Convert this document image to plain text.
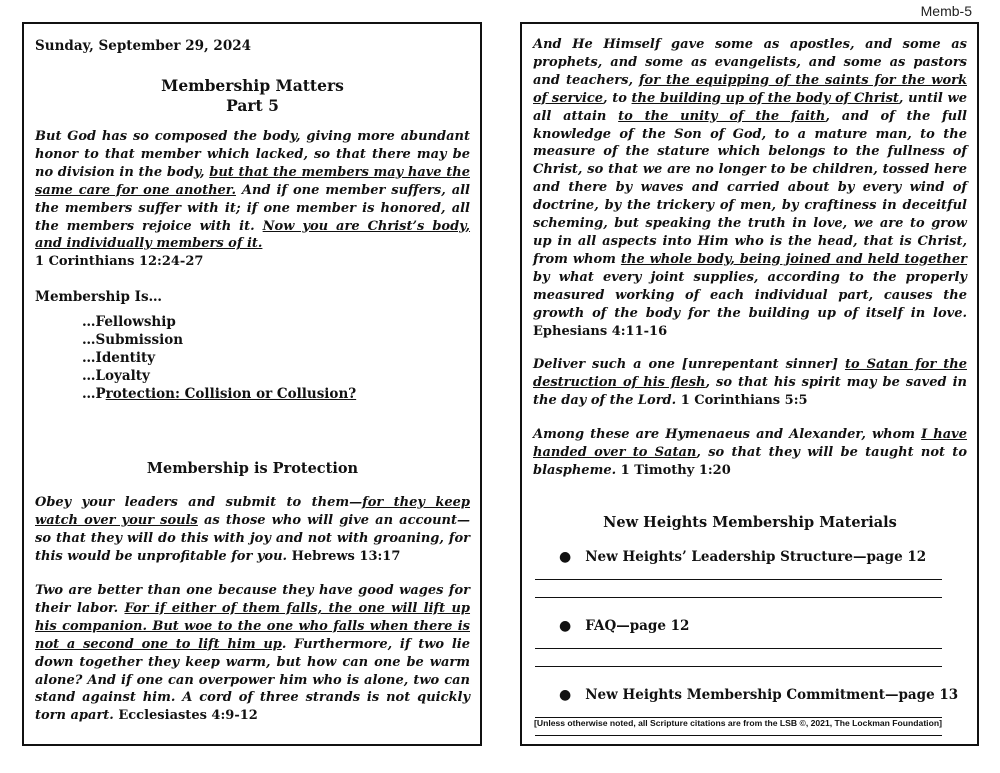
Memb-5
Sunday, September 29, 2024
Membership Matters
Part 5
But God has so composed the body, giving more abundant honor to that member which lacked, so that there may be no division in the body, but that the members may have the same care for one another. And if one member suffers, all the members suffer with it; if one member is honored, all the members rejoice with it. Now you are Christ’s body, and individually members of it.
1 Corinthians 12:24-27
Membership Is…
…Fellowship
…Submission
…Identity
…Loyalty
…Protection: Collision or Collusion?
Membership is Protection
Obey your leaders and submit to them—for they keep watch over your souls as those who will give an account—so that they will do this with joy and not with groaning, for this would be unprofitable for you. Hebrews 13:17
Two are better than one because they have good wages for their labor. For if either of them falls, the one will lift up his companion. But woe to the one who falls when there is not a second one to lift him up. Furthermore, if two lie down together they keep warm, but how can one be warm alone? And if one can overpower him who is alone, two can stand against him. A cord of three strands is not quickly torn apart. Ecclesiastes 4:9-12
And He Himself gave some as apostles, and some as prophets, and some as evangelists, and some as pastors and teachers, for the equipping of the saints for the work of service, to the building up of the body of Christ, until we all attain to the unity of the faith, and of the full knowledge of the Son of God, to a mature man, to the measure of the stature which belongs to the fullness of Christ, so that we are no longer to be children, tossed here and there by waves and carried about by every wind of doctrine, by the trickery of men, by craftiness in deceitful scheming, but speaking the truth in love, we are to grow up in all aspects into Him who is the head, that is Christ, from whom the whole body, being joined and held together by what every joint supplies, according to the properly measured working of each individual part, causes the growth of the body for the building up of itself in love. Ephesians 4:11-16
Deliver such a one [unrepentant sinner] to Satan for the destruction of his flesh, so that his spirit may be saved in the day of the Lord. 1 Corinthians 5:5
Among these are Hymenaeus and Alexander, whom I have handed over to Satan, so that they will be taught not to blaspheme. 1 Timothy 1:20
New Heights Membership Materials
● New Heights’ Leadership Structure—page 12
● FAQ—page 12
● New Heights Membership Commitment—page 13
[Unless otherwise noted, all Scripture citations are from the LSB ©, 2021, The Lockman Foundation]
